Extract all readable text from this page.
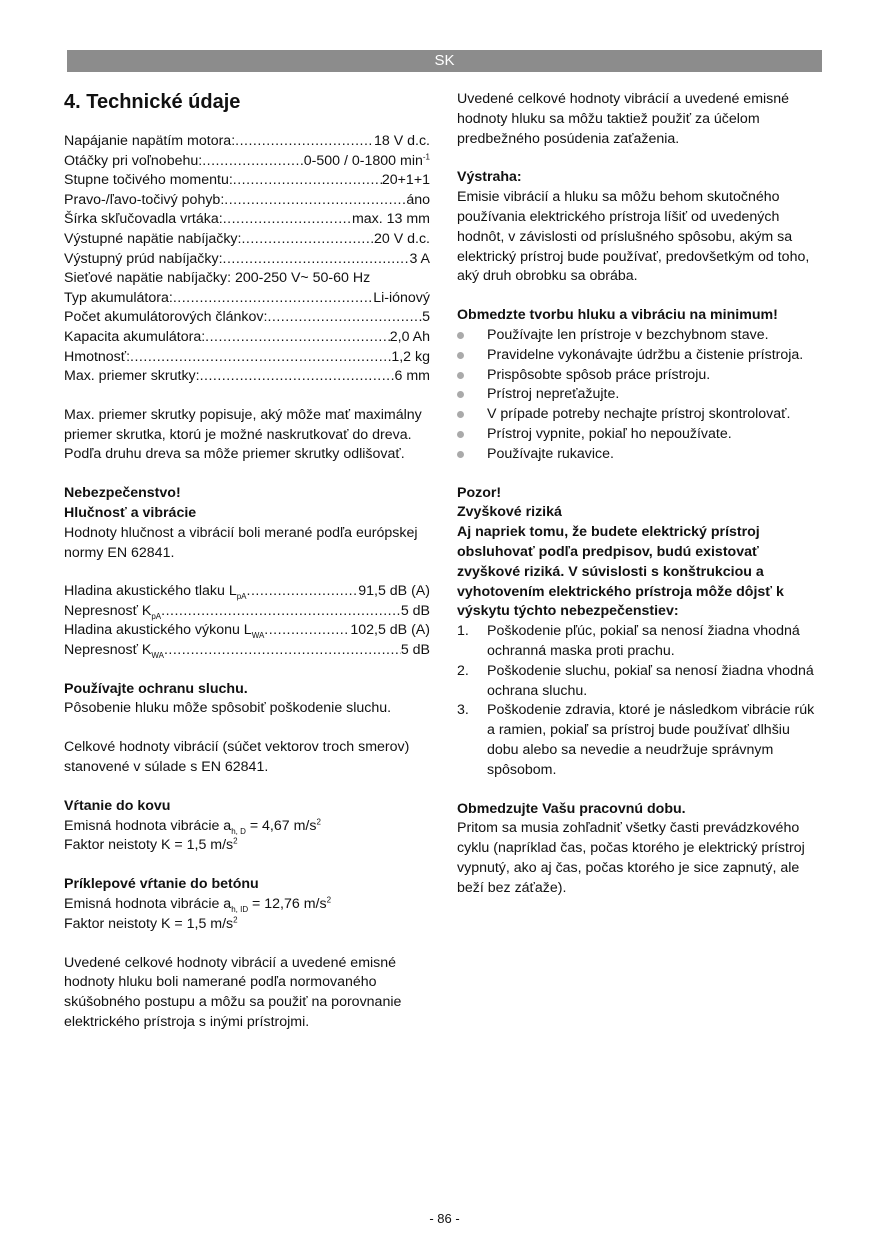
SK
4. Technické údaje
Napájanie napätím motora: .....	18 V d.c.
Otáčky pri voľnobehu: .....	0-500 / 0-1800 $\min^{-1}$
Stupne točivého momentu: .....	20+1+1
Pravo-/ľavo-točivý pohyb: .....	áno
Šírka skľučovadla vrtáka: .....	max. 13 mm
Výstupné napätie nabíjačky: .....	20 V d.c.
Výstupný prúd nabíjačky: .....	3 A
Sieťové napätie nabíjačky: 200-250 V~ 50-60 Hz
Typ akumulátora: .....	Li-iónový
Počet akumulátorových článkov: .....	5
Kapacita akumulátora: .....	2,0 Ah
Hmotnosť: .....	1,2 kg
Max. priemer skrutky: .....	6 mm

Max. priemer skrutky popisuje, aký môže mať maximálny priemer skrutka, ktorú je možné naskrutkovať do dreva. Podľa druhu dreva sa môže priemer skrutky odlišovať.

Nebezpečenstvo!

Hlučnosť a vibrácie

Hodnoty hlučnost a vibrácií boli merané podľa európskej normy EN 62841.

Hladina akustického tlaku $L_{pA}$ .....	91,5 dB (A)
Nepresnosť $K_{pA}$ .....	5 dB
Hladina akustického výkonu $L_{WA}$ .....	102,5 dB (A)
Nepresnosť $K_{WA}$ .....	5 dB

Používajte ochranu sluchu.

Pôsobenie hluku môže spôsobiť poškodenie sluchu.

Celkové hodnoty vibrácií (súčet vektorov troch smerov) stanovené v súlade s EN 62841.

Vŕtanie do kovu

Emisná hodnota vibrácie $a_{h, D} = 4,67$ $m/s^2$

Faktor neistoty K = 1,5 $m/s^2$

Príklepové vŕtanie do betónu

Emisná hodnota vibrácie $a_{h, ID} = 12,76$ $m/s^2$

Faktor neistoty K = 1,5 $m/s^2$

Uvedené celkové hodnoty vibrácií a uvedené emisné hodnoty hluku boli namerané podľa normovaného skúšobného postupu a môžu sa použiť na porovnanie elektrického prístroja s inými prístrojmi.

Uvedené celkové hodnoty vibrácií a uvedené emisné hodnoty hluku sa môžu taktiež použiť za účelom predbežného posúdenia zaťaženia.

Výstraha:

Emisie vibrácií a hluku sa môžu behom skutočného používania elektrického prístroja líšiť od uvedených hodnôt, v závislosti od príslušného spôsobu, akým sa elektrický prístroj bude používať, predovšetkým od toho, aký druh obrobku sa obrába.

Obmedzte tvorbu hluku a vibráciu na minimum!

Používajte len prístroje v bezchybnom stave.
Pravidelne vykonávajte údržbu a čistenie prístroja.
Prispôsobte spôsob práce prístroju.
Prístroj nepreťažujte.
V prípade potreby nechajte prístroj skontrolovať.
Prístroj vypnite, pokiaľ ho nepoužívate.
Používajte rukavice.

Pozor!

Zvyškové riziká

Aj napriek tomu, že budete elektrický prístroj obsluhovať podľa predpisov, budú existovať zvyškové riziká. V súvislosti s konštrukciou a vyhotovením elektrického prístroja môže dôjsť k výskytu týchto nebezpečenstiev:

1. Poškodenie pľúc, pokiaľ sa nenosí žiadna vhodná ochranná maska proti prachu.
2. Poškodenie sluchu, pokiaľ sa nenosí žiadna vhodná ochrana sluchu.
3. Poškodenie zdravia, ktoré je následkom vibrácie rúk a ramien, pokiaľ sa prístroj bude používať dlhšiu dobu alebo sa nevedie a neudržuje správnym spôsobom.

Obmedzujte Vašu pracovnú dobu.

Pritom sa musia zohľadniť všetky časti prevádzkového cyklu (napríklad čas, počas ktorého je elektrický prístroj vypnutý, ako aj čas, počas ktorého je sice zapnutý, ale beží bez záťaže).

- 86 -
